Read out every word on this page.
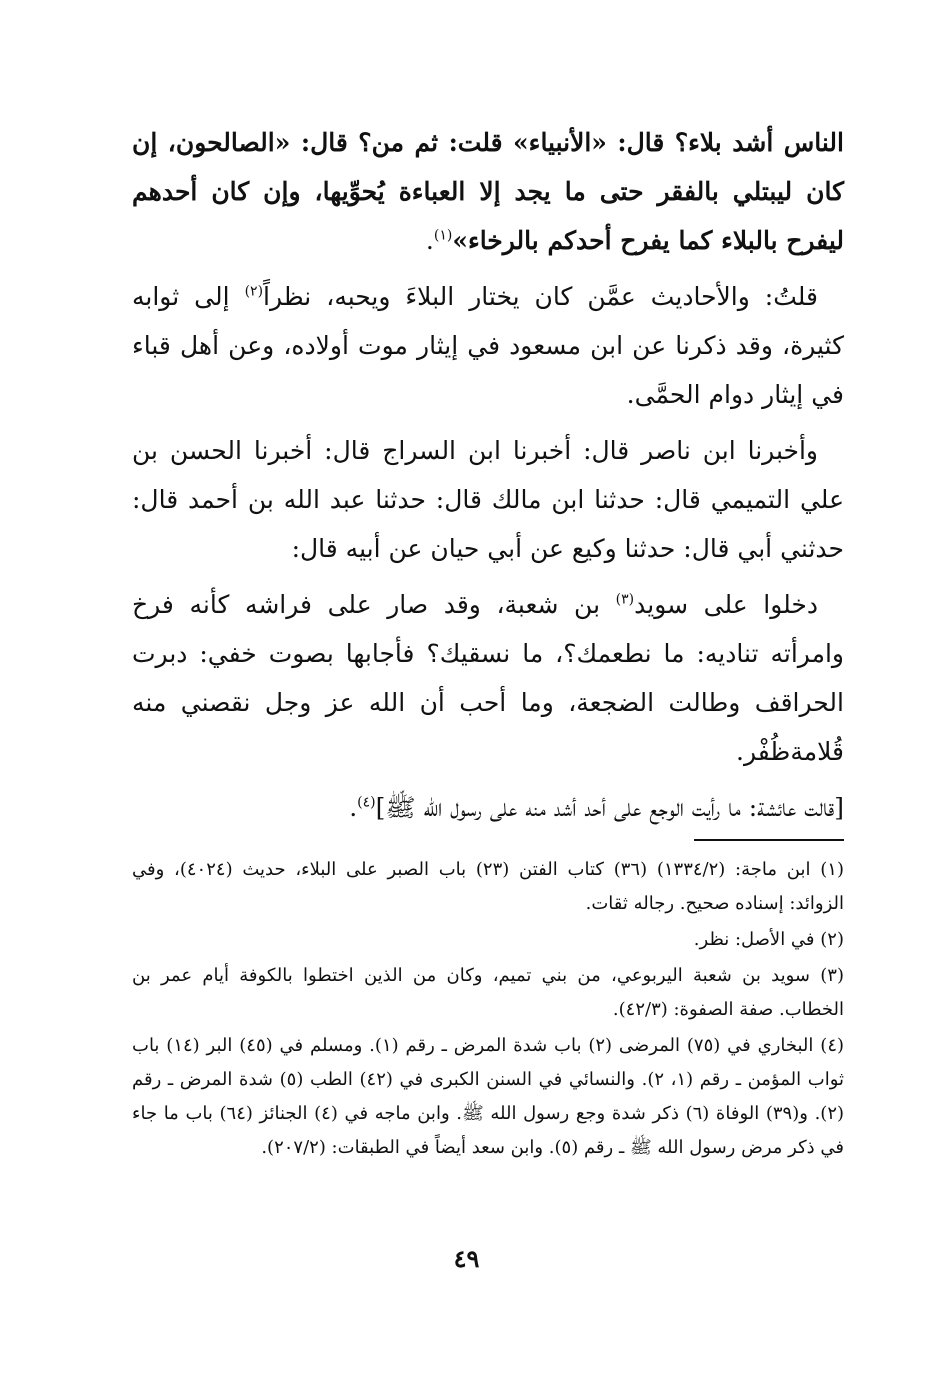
الناس أشد بلاء؟ قال: «الأنبياء» قلت: ثم من؟ قال: «الصالحون، إن كان ليبتلي بالفقر حتى ما يجد إلا العباءة يُحوِّيها، وإن كان أحدهم ليفرح بالبلاء كما يفرح أحدكم بالرخاء»$^{(١)}$.

قلتُ: والأحاديث عمَّن كان يختار البلاءَ ويحبه، نظراً$^{(٢)}$ إلى ثوابه كثيرة، وقد ذكرنا عن ابن مسعود في إيثار موت أولاده، وعن أهل قباء في إيثار دوام الحمَّى.

وأخبرنا ابن ناصر قال: أخبرنا ابن السراج قال: أخبرنا الحسن بن علي التميمي قال: حدثنا ابن مالك قال: حدثنا عبد الله بن أحمد قال: حدثني أبي قال: حدثنا وكيع عن أبي حيان عن أبيه قال:

دخلوا على سويد$^{(٣)}$ بن شعبة، وقد صار على فراشه كأنه فرخ وامرأته تناديه: ما نطعمك؟، ما نسقيك؟ فأجابها بصوت خفي: دبرت الحراقف وطالت الضجعة، وما أحب أن الله عز وجل نقصني منه قُلامةظُفْر.

[قالت عائشة: ما رأيت الوجع على أحد أشد منه على رسول الله ﷺ]$^{(٤)}$.

(١) ابن ماجة: (١٣٣٤/٢) (٣٦) كتاب الفتن (٢٣) باب الصبر على البلاء، حديث (٤٠٢٤)، وفي الزوائد: إسناده صحيح. رجاله ثقات.

(٢) في الأصل: نظر.

(٣) سويد بن شعبة اليربوعي، من بني تميم، وكان من الذين اختطوا بالكوفة أيام عمر بن الخطاب. صفة الصفوة: (٤٢/٣).

(٤) البخاري في (٧٥) المرضى (٢) باب شدة المرض ـ رقم (١). ومسلم في (٤٥) البر (١٤) باب ثواب المؤمن ـ رقم (١، ٢). والنسائي في السنن الكبرى في (٤٢) الطب (٥) شدة المرض ـ رقم (٢). و(٣٩) الوفاة (٦) ذكر شدة وجع رسول الله ﷺ. وابن ماجه في (٤) الجنائز (٦٤) باب ما جاء في ذكر مرض رسول الله ﷺ ـ رقم (٥). وابن سعد أيضاً في الطبقات: (٢٠٧/٢).

٤٩
